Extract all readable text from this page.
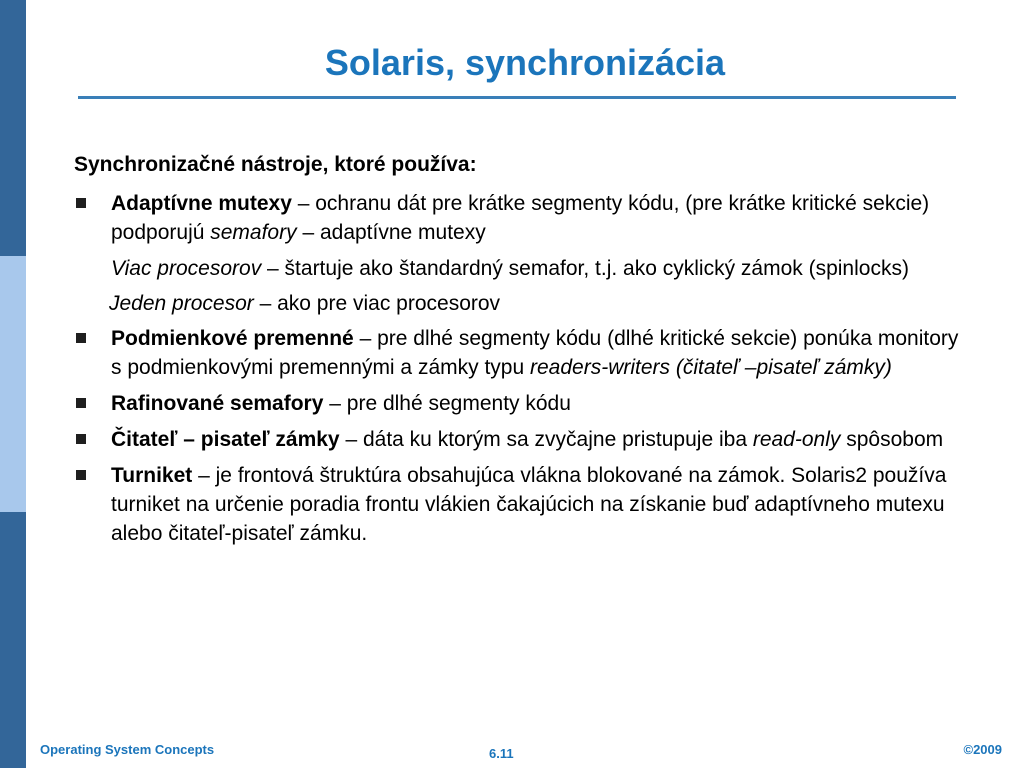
Solaris, synchronizácia

Synchronizačné nástroje, ktoré používa:

Adaptívne mutexy – ochranu dát pre krátke segmenty kódu, (pre krátke kritické sekcie) podporujú semafory – adaptívne mutexy
Viac procesorov – štartuje ako štandardný semafor, t.j. ako cyklický zámok (spinlocks)
Jeden procesor – ako pre viac procesorov
Podmienkové premenné – pre dlhé segmenty kódu (dlhé kritické sekcie) ponúka monitory s podmienkovými premennými a zámky typu readers-writers (čitateľ –pisateľ zámky)
Rafinované semafory – pre dlhé segmenty kódu
Čitateľ – pisateľ zámky – dáta ku ktorým sa zvyčajne pristupuje iba read-only spôsobom
Turniket – je frontová štruktúra obsahujúca vlákna blokované na zámok. Solaris2 používa turniket na určenie poradia frontu vlákien čakajúcich na získanie buď adaptívneho mutexu alebo čitateľ-pisateľ zámku.
Operating System Concepts	6.11	©2009
